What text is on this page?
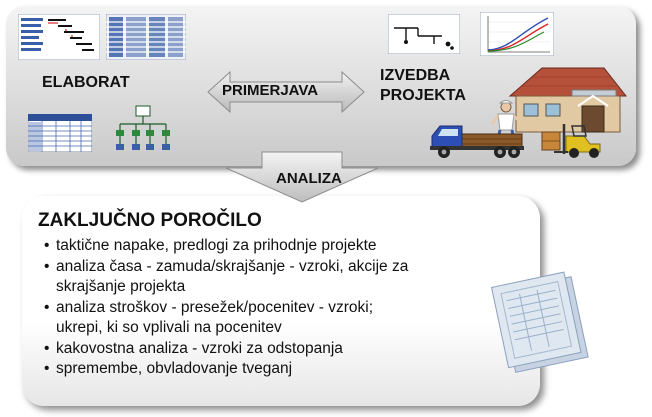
ELABORAT	PRIMERJAVA
IZVEDBA
PROJEKTA
ANALIZA
ZAKLJUČNO POROČILO
• taktične napake, predlogi za prihodnje projekte
• analiza časa - zamuda/skrajšanje - vzroki, akcije za
skrajšanje projekta
• analiza stroškov - presežek/pocenitev - vzroki;
ukrepi, ki so vplivali na pocenitev
• kakovostna analiza - vzroki za odstopanja
• spremembe, obvladovanje tveganj
